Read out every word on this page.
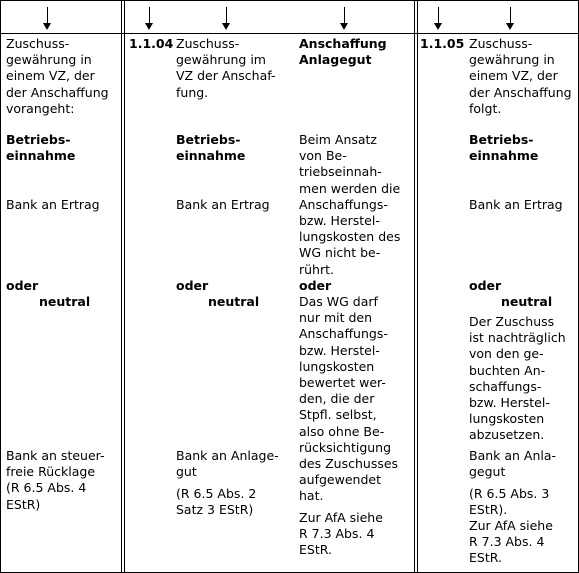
Zuschuss-
gewährung in
einem VZ, der
der Anschaffung
vorangeht:
Betriebs-
einnahme
Bank an Ertrag
oder
neutral
Bank an steuer-
freie Rücklage
(R 6.5 Abs. 4
EStR)
1.1.04 Zuschuss-
gewährung im
VZ der Anschaf-
fung.
Betriebs-
einnahme
Bank an Ertrag
oder
neutral
Bank an Anlage-
gut
(R 6.5 Abs. 2
Satz 3 EStR)
Anschaffung
Anlagegut
Beim Ansatz
von Be-
triebseinnah-
men werden die
Anschaffungs-
bzw. Herstel-
lungskosten des
WG nicht be-
rührt.
oder
Das WG darf
nur mit den
Anschaffungs-
bzw. Herstel-
lungskosten
bewertet wer-
den, die der
Stpfl. selbst,
also ohne Be-
rücksichtigung
des Zuschusses
aufgewendet
hat.
Zur AfA siehe
R 7.3 Abs. 4
EStR.
1.1.05 Zuschuss-
gewährung in
einem VZ, der
der Anschaffung
folgt.
Betriebs-
einnahme
Bank an Ertrag
oder
neutral
Der Zuschuss
ist nachträglich
von den ge-
buchten An-
schaffungs-
bzw. Herstel-
lungskosten
abzusetzen.
Bank an Anla-
gegut
(R 6.5 Abs. 3
EStR).
Zur AfA siehe
R 7.3 Abs. 4
EStR.
